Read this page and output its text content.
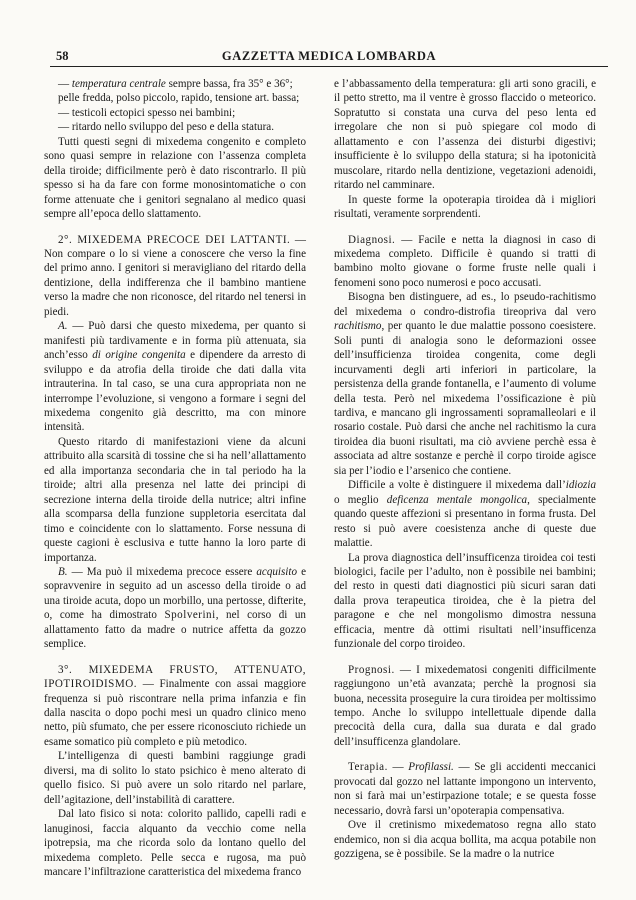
58	GAZZETTA MEDICA LOMBARDA

— temperatura centrale sempre bassa, fra 35° e 36°;

pelle fredda, polso piccolo, rapido, tensione art. bassa;

— testicoli ectopici spesso nei bambini;

— ritardo nello sviluppo del peso e della statura.

Tutti questi segni di mixedema congenito e completo sono quasi sempre in relazione con l’assenza completa della tiroide; difficilmente però è dato riscontrarlo. Il più spesso si ha da fare con forme monosintomatiche o con forme attenuate che i genitori segnalano al medico quasi sempre all’epoca dello slattamento.

2°. MIXEDEMA PRECOCE DEI LATTANTI. — Non compare o lo si viene a conoscere che verso la fine del primo anno. I genitori si meravigliano del ritardo della dentizione, della indifferenza che il bambino mantiene verso la madre che non riconosce, del ritardo nel tenersi in piedi.

A. — Può darsi che questo mixedema, per quanto si manifesti più tardivamente e in forma più attenuata, sia anch’esso di origine congenita e dipendere da arresto di sviluppo e da atrofia della tiroide che dati dalla vita intrauterina. In tal caso, se una cura appropriata non ne interrompe l’evoluzione, si vengono a formare i segni del mixedema congenito già descritto, ma con minore intensità.

Questo ritardo di manifestazioni viene da alcuni attribuito alla scarsità di tossine che si ha nell’allattamento ed alla importanza secondaria che in tal periodo ha la tiroide; altri alla presenza nel latte dei principi di secrezione interna della tiroide della nutrice; altri infine alla scomparsa della funzione suppletoria esercitata dal timo e coincidente con lo slattamento. Forse nessuna di queste cagioni è esclusiva e tutte hanno la loro parte di importanza.

B. — Ma può il mixedema precoce essere acquisito e sopravvenire in seguito ad un ascesso della tiroide o ad una tiroide acuta, dopo un morbillo, una pertosse, difterite, o, come ha dimostrato Spolverini, nel corso di un allattamento fatto da madre o nutrice affetta da gozzo semplice.

3°. MIXEDEMA FRUSTO, ATTENUATO, IPOTIROIDISMO. — Finalmente con assai maggiore frequenza si può riscontrare nella prima infanzia e fin dalla nascita o dopo pochi mesi un quadro clinico meno netto, più sfumato, che per essere riconosciuto richiede un esame somatico più completo e più metodico.

L’intelligenza di questi bambini raggiunge gradi diversi, ma di solito lo stato psichico è meno alterato di quello fisico. Si può avere un solo ritardo nel parlare, dell’agitazione, dell’instabilità di carattere.

Dal lato fisico si nota: colorito pallido, capelli radi e lanuginosi, faccia alquanto da vecchio come nella ipotrepsia, ma che ricorda solo da lontano quello del mixedema completo. Pelle secca e rugosa, ma può mancare l’infiltrazione caratteristica del mixedema franco

e l’abbassamento della temperatura: gli arti sono gracili, e il petto stretto, ma il ventre è grosso flaccido o meteorico. Sopratutto si constata una curva del peso lenta ed irregolare che non si può spiegare col modo di allattamento e con l’assenza dei disturbi digestivi; insufficiente è lo sviluppo della statura; si ha ipotonicità muscolare, ritardo nella dentizione, vegetazioni adenoidi, ritardo nel camminare.

In queste forme la opoterapia tiroidea dà i migliori risultati, veramente sorprendenti.

Diagnosi. — Facile e netta la diagnosi in caso di mixedema completo. Difficile è quando si tratti di bambino molto giovane o forme fruste nelle quali i fenomeni sono poco numerosi e poco accusati.

Bisogna ben distinguere, ad es., lo pseudo-rachitismo del mixedema o condro-distrofia tireopriva dal vero rachitismo, per quanto le due malattie possono coesistere. Soli punti di analogia sono le deformazioni ossee dell’insufficienza tiroidea congenita, come degli incurvamenti degli arti inferiori in particolare, la persistenza della grande fontanella, e l’aumento di volume della testa. Però nel mixedema l’ossificazione è più tardiva, e mancano gli ingrossamenti sopramalleolari e il rosario costale. Può darsi che anche nel rachitismo la cura tiroidea dia buoni risultati, ma ciò avviene perchè essa è associata ad altre sostanze e perchè il corpo tiroide agisce sia per l’iodio e l’arsenico che contiene.

Difficile a volte è distinguere il mixedema dall’idiozia o meglio deficenza mentale mongolica, specialmente quando queste affezioni si presentano in forma frusta. Del resto si può avere coesistenza anche di queste due malattie.

La prova diagnostica dell’insufficenza tiroidea coi testi biologici, facile per l’adulto, non è possibile nei bambini; del resto in questi dati diagnostici più sicuri saran dati dalla prova terapeutica tiroidea, che è la pietra del paragone e che nel mongolismo dimostra nessuna efficacia, mentre dà ottimi risultati nell’insufficenza funzionale del corpo tiroideo.

Prognosi. — I mixedematosi congeniti difficilmente raggiungono un’età avanzata; perchè la prognosi sia buona, necessita proseguire la cura tiroidea per moltissimo tempo. Anche lo sviluppo intellettuale dipende dalla precocità della cura, dalla sua durata e dal grado dell’insufficenza glandolare.

Terapia. — Profilassi. — Se gli accidenti meccanici provocati dal gozzo nel lattante impongono un intervento, non si farà mai un’estirpazione totale; e se questa fosse necessario, dovrà farsi un’opoterapia compensativa.

Ove il cretinismo mixedematoso regna allo stato endemico, non si dia acqua bollita, ma acqua potabile non gozzigena, se è possibile. Se la madre o la nutrice
